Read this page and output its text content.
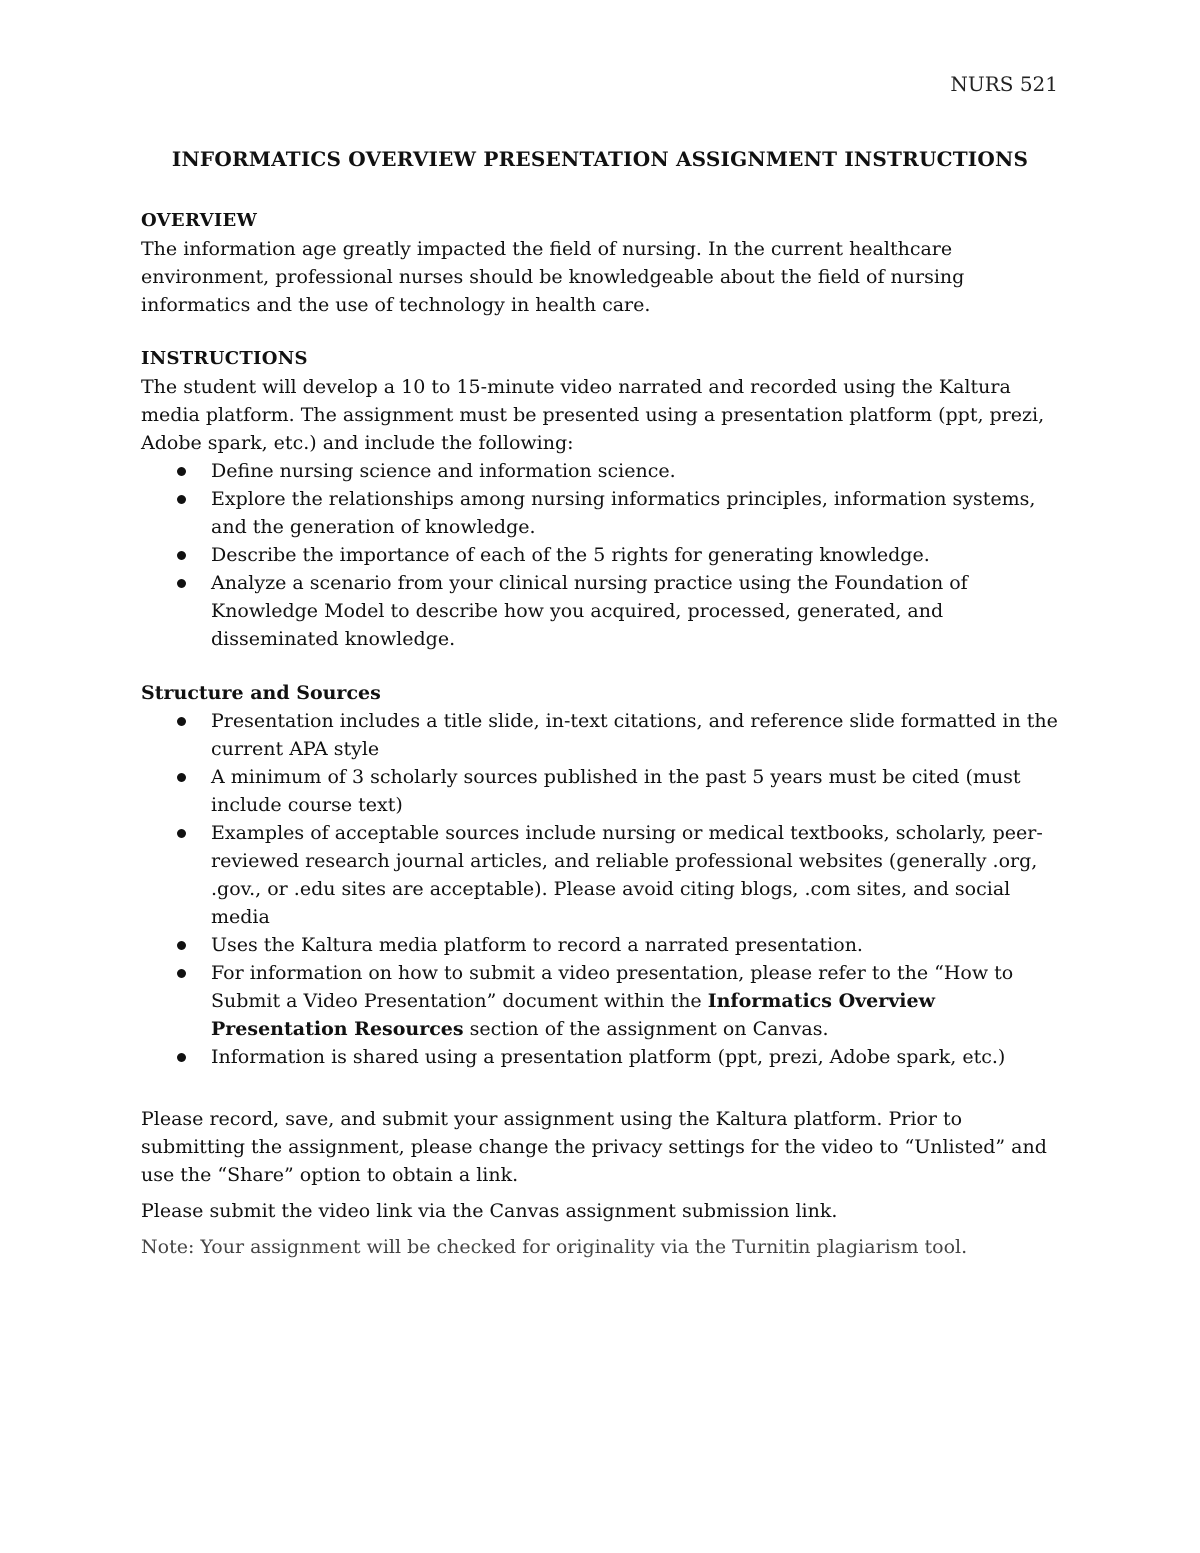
NURS 521
INFORMATICS OVERVIEW PRESENTATION ASSIGNMENT INSTRUCTIONS
OVERVIEW

The information age greatly impacted the field of nursing. In the current healthcare environment, professional nurses should be knowledgeable about the field of nursing informatics and the use of technology in health care.

INSTRUCTIONS

The student will develop a 10 to 15-minute video narrated and recorded using the Kaltura media platform. The assignment must be presented using a presentation platform (ppt, prezi, Adobe spark, etc.) and include the following:

Define nursing science and information science.
Explore the relationships among nursing informatics principles, information systems, and the generation of knowledge.
Describe the importance of each of the 5 rights for generating knowledge.
Analyze a scenario from your clinical nursing practice using the Foundation of Knowledge Model to describe how you acquired, processed, generated, and disseminated knowledge.
Structure and Sources
Presentation includes a title slide, in-text citations, and reference slide formatted in the current APA style
A minimum of 3 scholarly sources published in the past 5 years must be cited (must include course text)
Examples of acceptable sources include nursing or medical textbooks, scholarly, peer-reviewed research journal articles, and reliable professional websites (generally .org, .gov., or .edu sites are acceptable). Please avoid citing blogs, .com sites, and social media
Uses the Kaltura media platform to record a narrated presentation.
For information on how to submit a video presentation, please refer to the “How to Submit a Video Presentation” document within the Informatics Overview Presentation Resources section of the assignment on Canvas.
Information is shared using a presentation platform (ppt, prezi, Adobe spark, etc.)

Please record, save, and submit your assignment using the Kaltura platform. Prior to submitting the assignment, please change the privacy settings for the video to “Unlisted” and use the “Share” option to obtain a link.

Please submit the video link via the Canvas assignment submission link.

Note: Your assignment will be checked for originality via the Turnitin plagiarism tool.
